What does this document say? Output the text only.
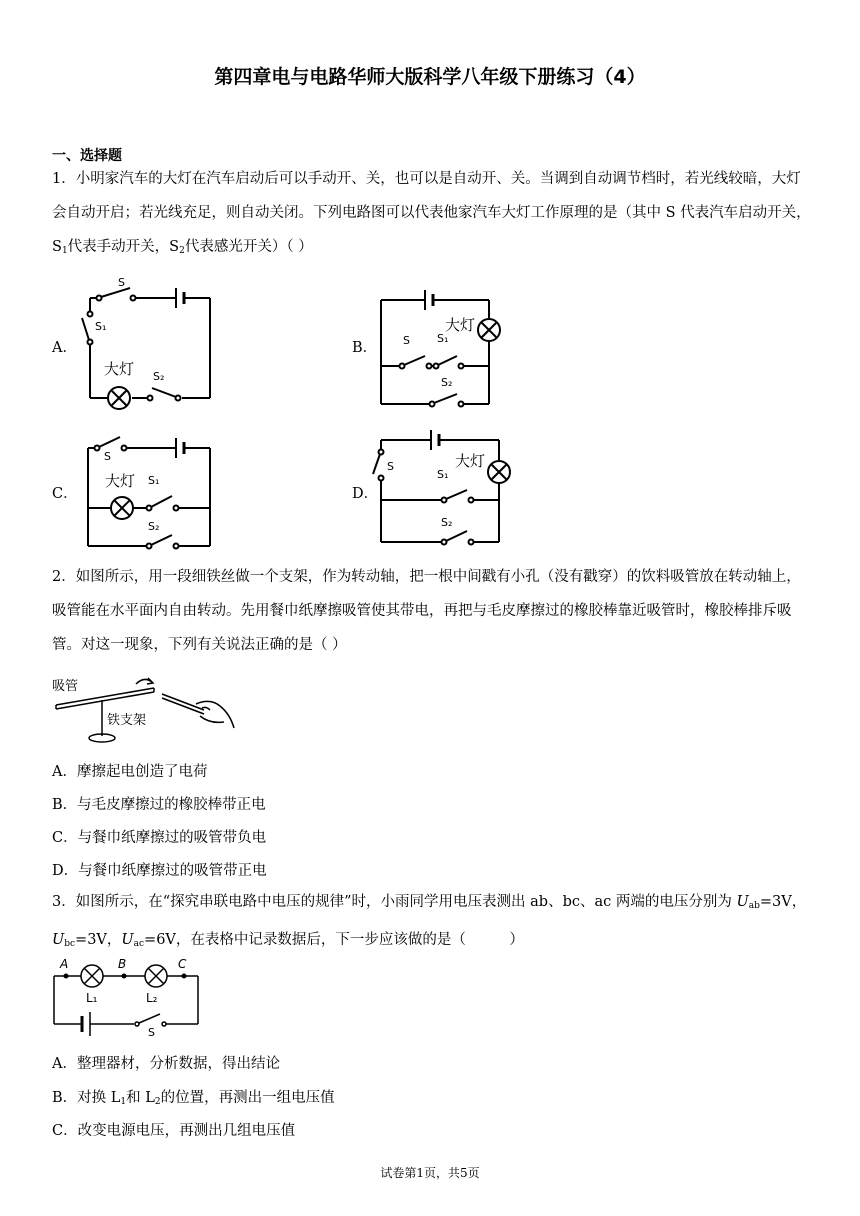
第四章电与电路华师大版科学八年级下册练习（4）
一、选择题
1．小明家汽车的大灯在汽车启动后可以手动开、关，也可以是自动开、关。当调到自动调节档时，若光线较暗，大灯会自动开启；若光线充足，则自动关闭。下列电路图可以代表他家汽车大灯工作原理的是（其中 S 代表汽车启动开关，$S_1$代表手动开关，$S_2$代表感光开关）（ ）
A．	B．
C．	D．
S
S₁
大灯 S₂
S S₁
大灯
S₂
S
大灯 S₁
S₂
S
S₁
大灯
S₂
2．如图所示，用一段细铁丝做一个支架，作为转动轴，把一根中间戳有小孔（没有戳穿）的饮料吸管放在转动轴上，吸管能在水平面内自由转动。先用餐巾纸摩擦吸管使其带电，再把与毛皮摩擦过的橡胶棒靠近吸管时，橡胶棒排斥吸管。对这一现象，下列有关说法正确的是（ ）
吸管
铁支架
A．摩擦起电创造了电荷
B．与毛皮摩擦过的橡胶棒带正电
C．与餐巾纸摩擦过的吸管带负电
D．与餐巾纸摩擦过的吸管带正电
3．如图所示，在“探究串联电路中电压的规律”时，小雨同学用电压表测出 ab、bc、ac 两端的电压分别为 $U_{ab}=3V$，$U_{bc}=3V$，$U_{ac}=6V$，在表格中记录数据后，下一步应该做的是（　　　）
A	B	C
L₁	L₂
S
A．整理器材，分析数据，得出结论
B．对换 $L_1$和 $L_2$的位置，再测出一组电压值
C．改变电源电压，再测出几组电压值
试卷第1页，共5页
